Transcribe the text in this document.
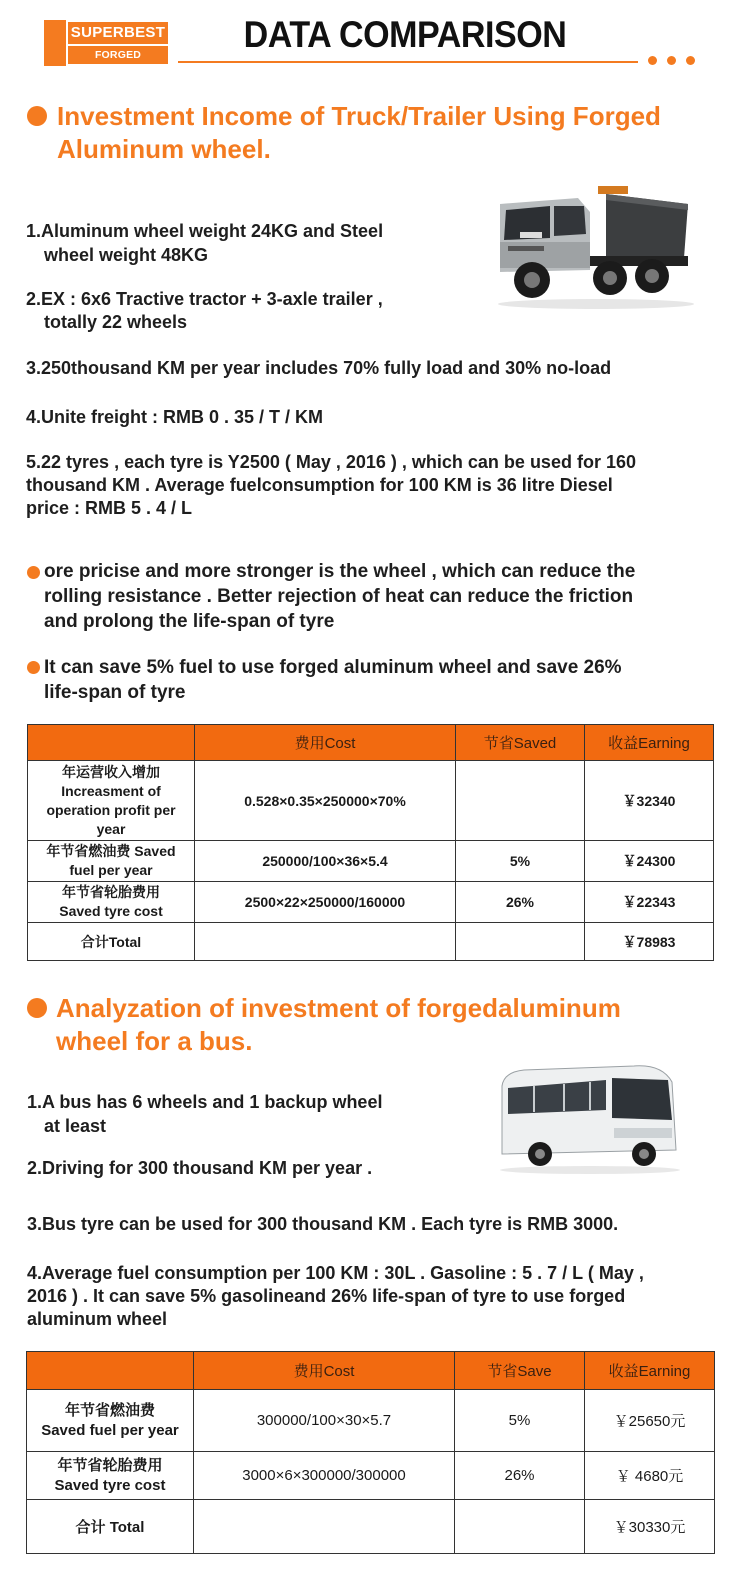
SUPERBEST
FORGED ALUMINUM
DATA COMPARISON
Investment Income of Truck/Trailer Using Forged
Aluminum wheel.
1.Aluminum wheel weight 24KG and Steel
wheel weight 48KG
2.EX : 6x6 Tractive tractor + 3-axle trailer ,
totally 22 wheels
3.250thousand KM per year includes 70% fully load and 30% no-load
4.Unite freight : RMB 0 . 35 / T / KM
5.22 tyres , each tyre is Y2500 ( May , 2016 ) , which can be used for 160
thousand KM . Average fuelconsumption for 100 KM is 36 litre Diesel
price : RMB 5 . 4 / L
ore pricise and more stronger is the wheel , which can reduce the
rolling resistance . Better rejection of heat can reduce the friction
and prolong the life-span of tyre
It can save 5% fuel to use forged aluminum wheel and save 26%
life-span of tyre
	费用Cost	节省Saved	收益Earning

年运营收入增加
Increasment of
operation profit per
year	0.528×0.35×250000×70%		￥32340

年节省燃油费 Saved
fuel per year	250000/100×36×5.4	5%	￥24300

年节省轮胎费用
Saved tyre cost	2500×22×250000/160000	26%	￥22343
合计Total			￥78983
Analyzation of investment of forgedaluminum
wheel for a bus.
1.A bus has 6 wheels and 1 backup wheel
at least
2.Driving for 300 thousand KM per year .
3.Bus tyre can be used for 300 thousand KM . Each tyre is RMB 3000.
4.Average fuel consumption per 100 KM : 30L . Gasoline : 5 . 7 / L ( May ,
2016 ) . It can save 5% gasolineand 26% life-span of tyre to use forged
aluminum wheel
	费用Cost	节省Save	收益Earning

年节省燃油费
Saved fuel per year	300000/100×30×5.7	5%	￥25650元

年节省轮胎费用
Saved tyre cost	3000×6×300000/300000	26%	￥ 4680元
合计 Total			￥30330元
